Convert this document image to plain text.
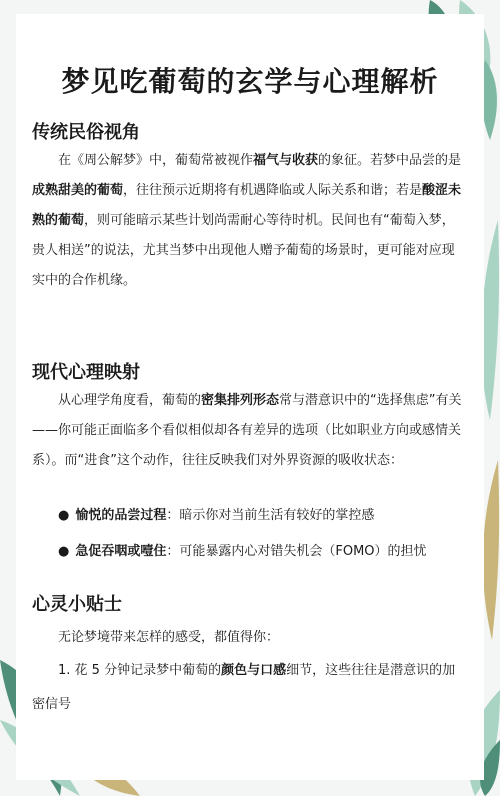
梦见吃葡萄的玄学与心理解析
传统民俗视角

在《周公解梦》中，葡萄常被视作福气与收获的象征。若梦中品尝的是成熟甜美的葡萄，往往预示近期将有机遇降临或人际关系和谐；若是酸涩未熟的葡萄，则可能暗示某些计划尚需耐心等待时机。民间也有“葡萄入梦，贵人相送”的说法，尤其当梦中出现他人赠予葡萄的场景时，更可能对应现实中的合作机缘。

现代心理映射

从心理学角度看，葡萄的密集排列形态常与潜意识中的“选择焦虑”有关——你可能正面临多个看似相似却各有差异的选项（比如职业方向或感情关系）。而“进食”这个动作，往往反映我们对外界资源的吸收状态：

● 愉悦的品尝过程：暗示你对当前生活有较好的掌控感

● 急促吞咽或噎住：可能暴露内心对错失机会（FOMO）的担忧

心灵小贴士

无论梦境带来怎样的感受，都值得你：

1. 花 5 分钟记录梦中葡萄的颜色与口感细节，这些往往是潜意识的加密信号
